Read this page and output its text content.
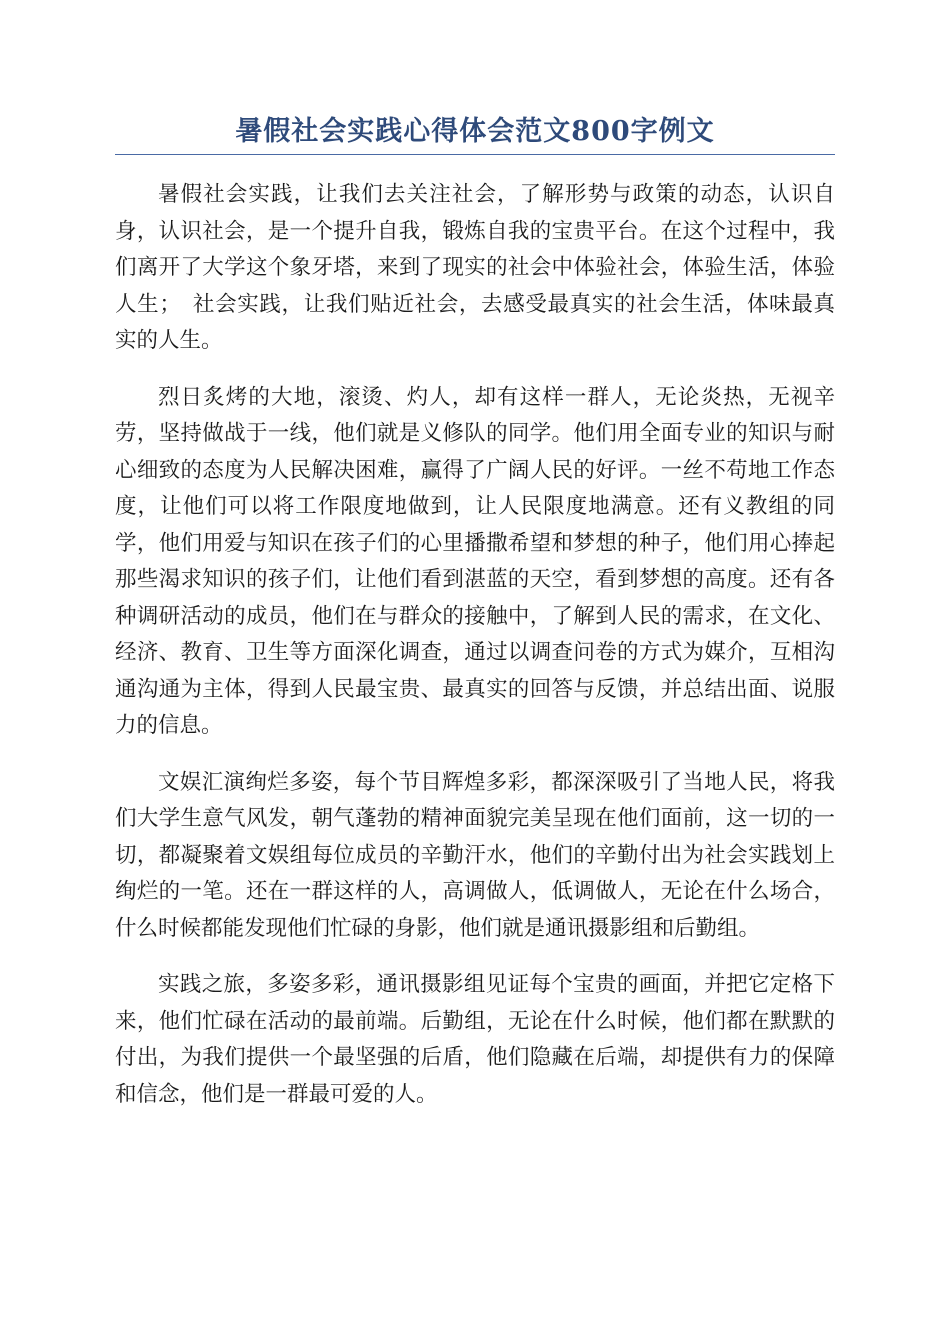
暑假社会实践心得体会范文800字例文

暑假社会实践，让我们去关注社会，了解形势与政策的动态，认识自身，认识社会，是一个提升自我，锻炼自我的宝贵平台。在这个过程中，我们离开了大学这个象牙塔，来到了现实的社会中体验社会，体验生活，体验人生；　社会实践，让我们贴近社会，去感受最真实的社会生活，体味最真实的人生。

烈日炙烤的大地，滚烫、灼人，却有这样一群人，无论炎热，无视辛劳，坚持做战于一线，他们就是义修队的同学。他们用全面专业的知识与耐心细致的态度为人民解决困难，赢得了广阔人民的好评。一丝不苟地工作态度，让他们可以将工作限度地做到，让人民限度地满意。还有义教组的同学，他们用爱与知识在孩子们的心里播撒希望和梦想的种子，他们用心捧起那些渴求知识的孩子们，让他们看到湛蓝的天空，看到梦想的高度。还有各种调研活动的成员，他们在与群众的接触中，了解到人民的需求，在文化、经济、教育、卫生等方面深化调查，通过以调查问卷的方式为媒介，互相沟通沟通为主体，得到人民最宝贵、最真实的回答与反馈，并总结出面、说服力的信息。

文娱汇演绚烂多姿，每个节目辉煌多彩，都深深吸引了当地人民，将我们大学生意气风发，朝气蓬勃的精神面貌完美呈现在他们面前，这一切的一切，都凝聚着文娱组每位成员的辛勤汗水，他们的辛勤付出为社会实践划上绚烂的一笔。还在一群这样的人，高调做人，低调做人，无论在什么场合，什么时候都能发现他们忙碌的身影，他们就是通讯摄影组和后勤组。

实践之旅，多姿多彩，通讯摄影组见证每个宝贵的画面，并把它定格下来，他们忙碌在活动的最前端。后勤组，无论在什么时候，他们都在默默的付出，为我们提供一个最坚强的后盾，他们隐藏在后端，却提供有力的保障和信念，他们是一群最可爱的人。
